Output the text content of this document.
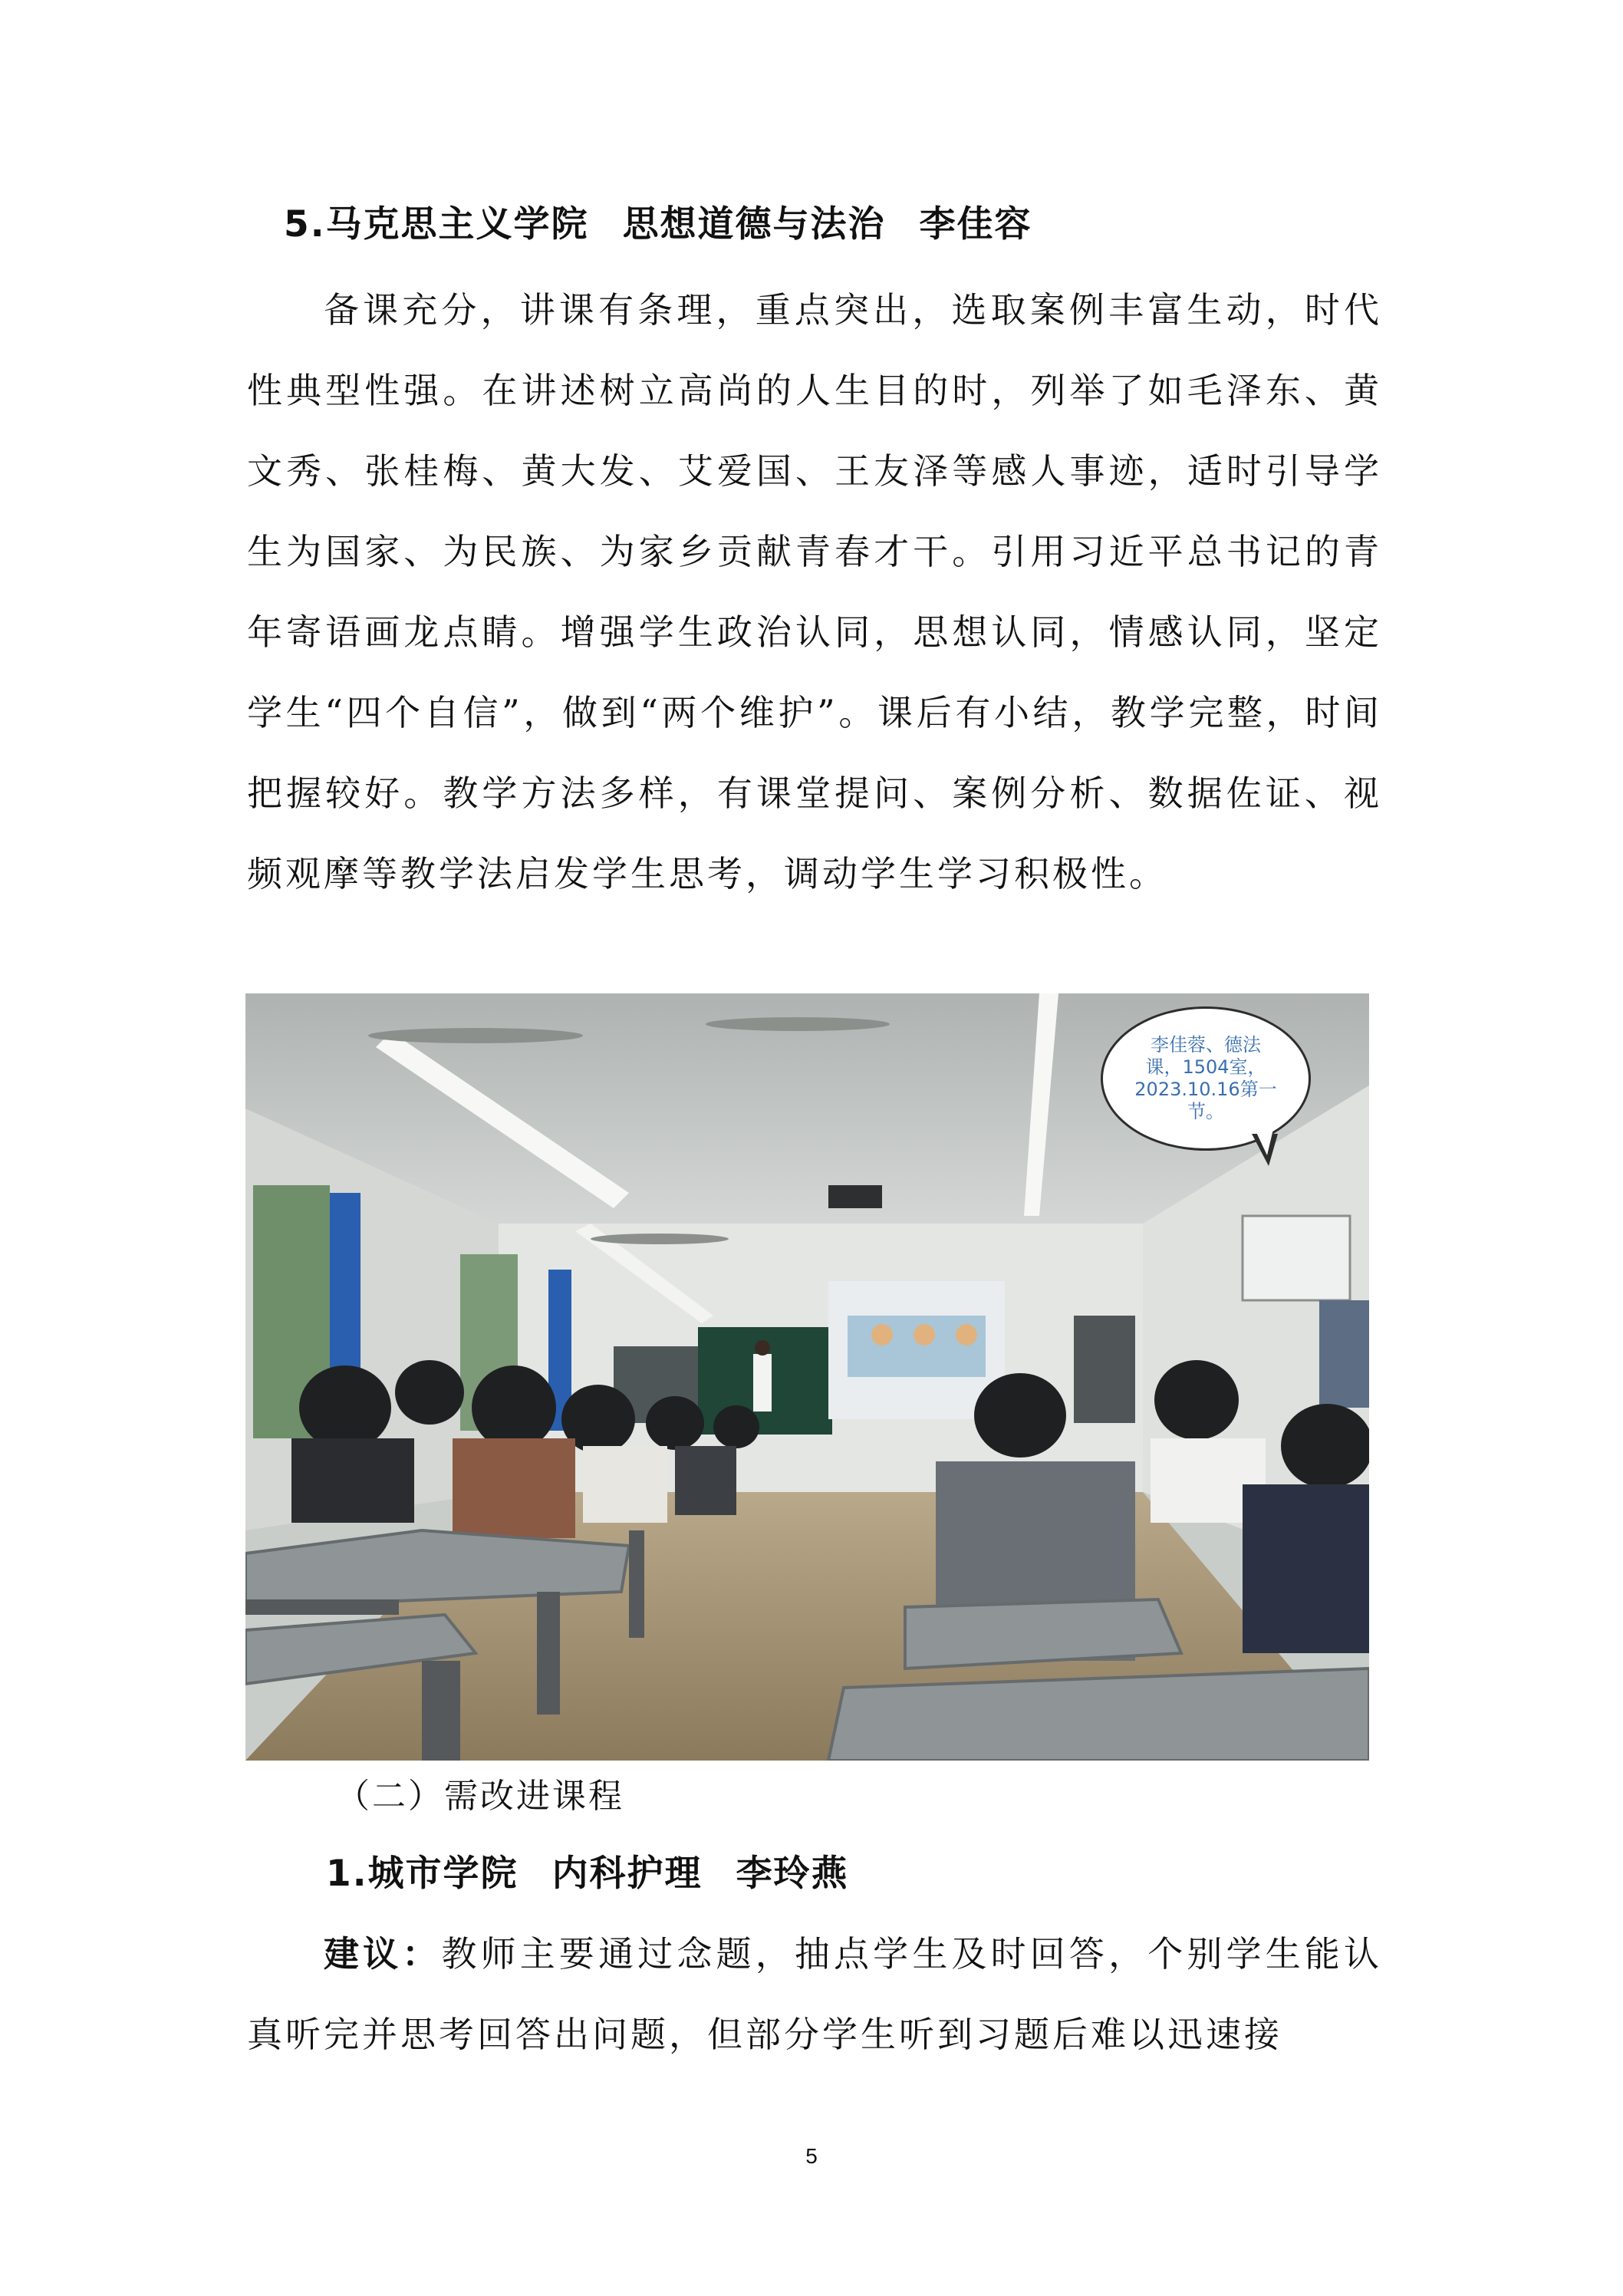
5.马克思主义学院 思想道德与法治 李佳容

备课充分，讲课有条理，重点突出，选取案例丰富生动，时代性典型性强。在讲述树立高尚的人生目的时，列举了如毛泽东、黄文秀、张桂梅、黄大发、艾爱国、王友泽等感人事迹，适时引导学生为国家、为民族、为家乡贡献青春才干。引用习近平总书记的青年寄语画龙点睛。增强学生政治认同，思想认同，情感认同，坚定学生“四个自信”，做到“两个维护”。课后有小结，教学完整，时间把握较好。教学方法多样，有课堂提问、案例分析、数据佐证、视频观摩等教学法启发学生思考，调动学生学习积极性。

李佳蓉、德法课，1504室，2023.10.16第一节。
（二）需改进课程
1.城市学院 内科护理 李玲燕

建议：教师主要通过念题，抽点学生及时回答，个别学生能认真听完并思考回答出问题，但部分学生听到习题后难以迅速接

5
